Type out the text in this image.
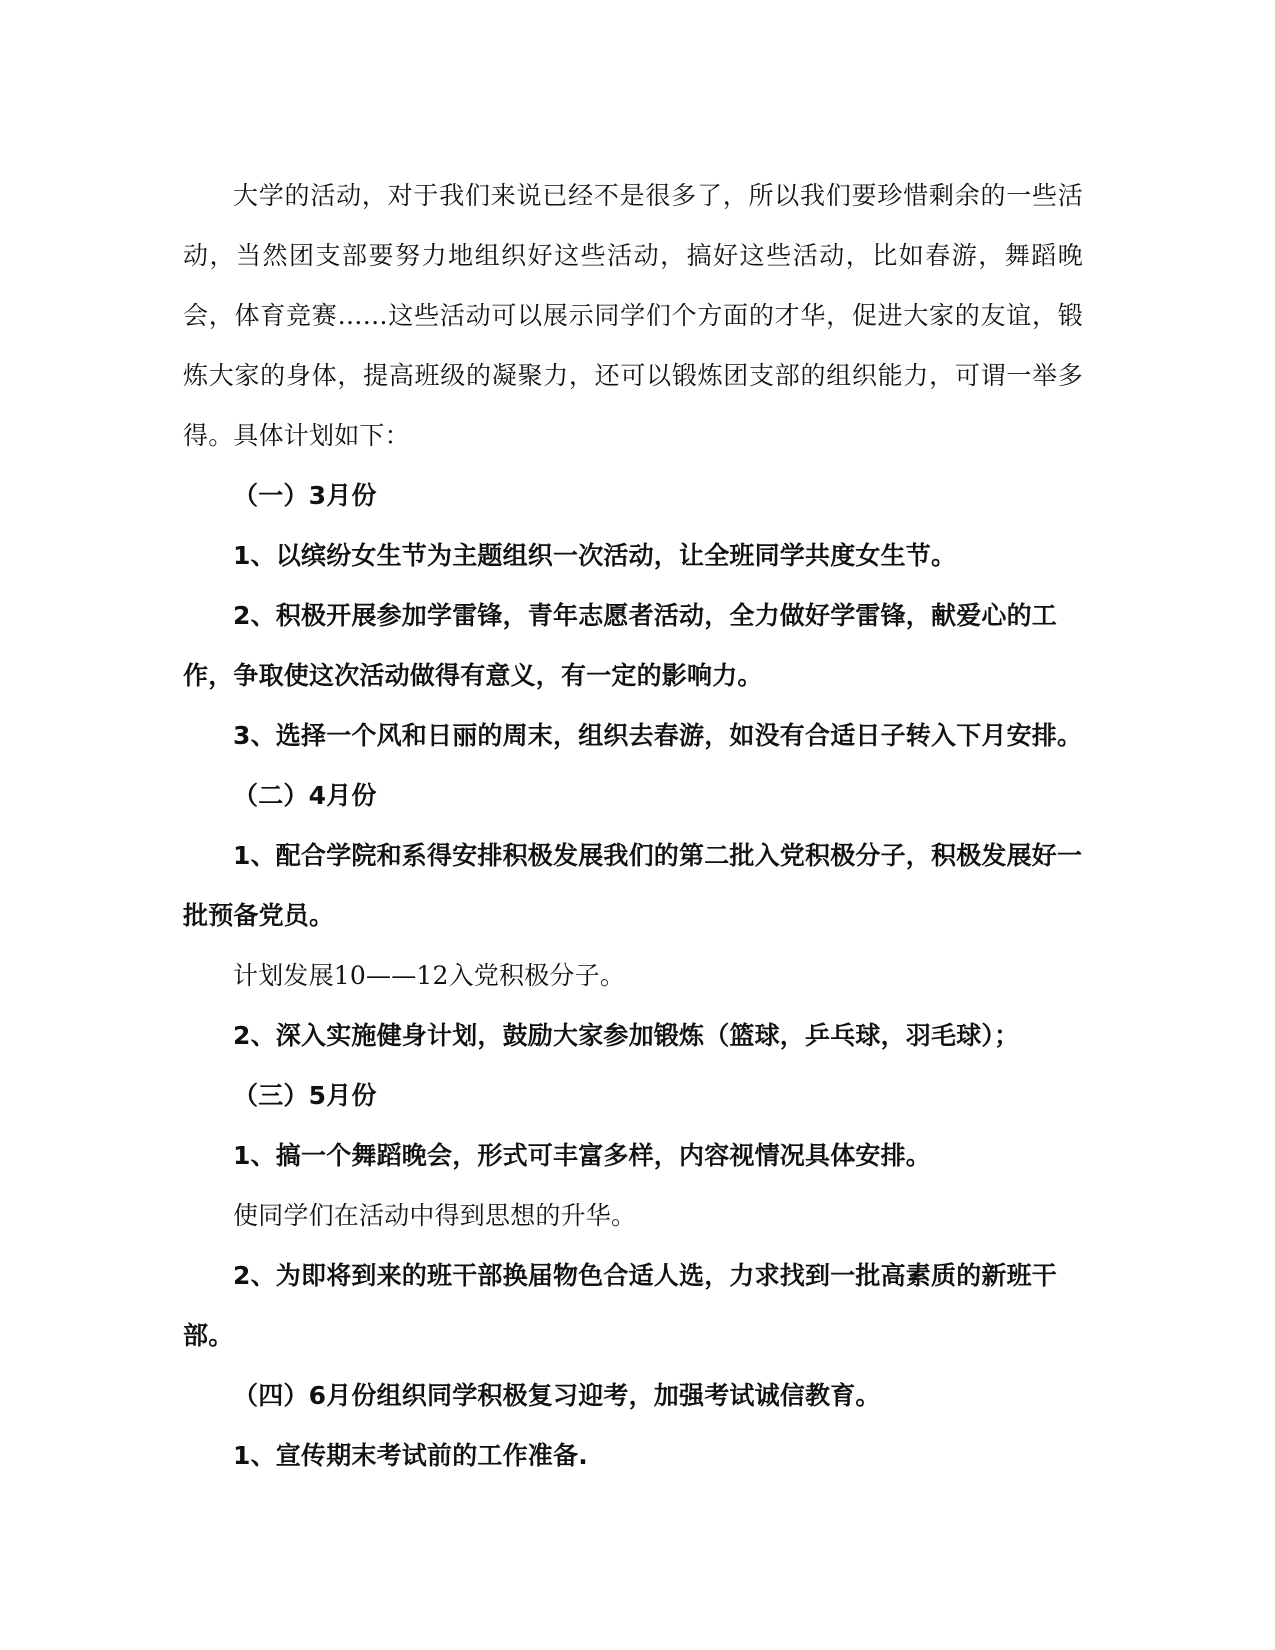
大学的活动，对于我们来说已经不是很多了，所以我们要珍惜剩余的一些活动，当然团支部要努力地组织好这些活动，搞好这些活动，比如春游，舞蹈晚会，体育竞赛……这些活动可以展示同学们个方面的才华，促进大家的友谊，锻炼大家的身体，提高班级的凝聚力，还可以锻炼团支部的组织能力，可谓一举多得。具体计划如下：

（一）3月份

1、以缤纷女生节为主题组织一次活动，让全班同学共度女生节。

2、积极开展参加学雷锋，青年志愿者活动，全力做好学雷锋，献爱心的工作，争取使这次活动做得有意义，有一定的影响力。

3、选择一个风和日丽的周末，组织去春游，如没有合适日子转入下月安排。

（二）4月份

1、配合学院和系得安排积极发展我们的第二批入党积极分子，积极发展好一批预备党员。

计划发展10——12入党积极分子。

2、深入实施健身计划，鼓励大家参加锻炼（篮球，乒乓球，羽毛球）；

（三）5月份

1、搞一个舞蹈晚会，形式可丰富多样，内容视情况具体安排。

使同学们在活动中得到思想的升华。

2、为即将到来的班干部换届物色合适人选，力求找到一批高素质的新班干部。

（四）6月份组织同学积极复习迎考，加强考试诚信教育。

1、宣传期末考试前的工作准备.
